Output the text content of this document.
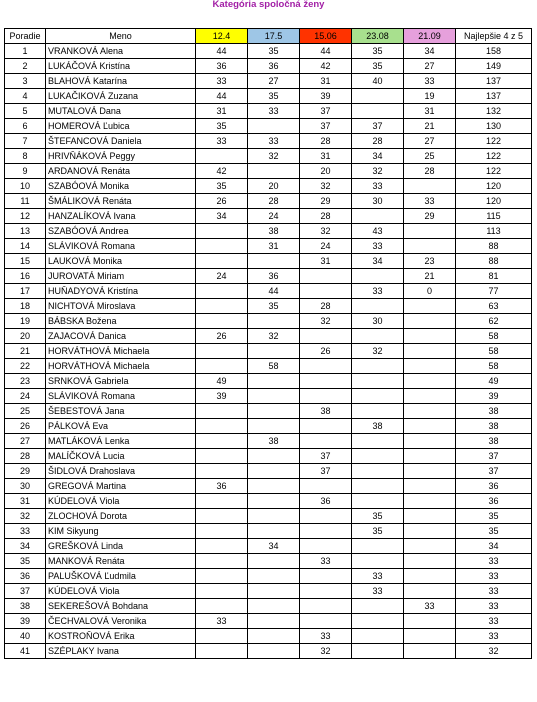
Kategória spoločná ženy
Poradie	Meno	12.4	17.5	15.06	23.08	21.09	Najlepšie 4 z 5
1	VRANKOVÁ Alena	44	35	44	35	34	158
2	LUKÁČOVÁ Kristína	36	36	42	35	27	149
3	BLAHOVÁ Katarína	33	27	31	40	33	137
4	LUKAČIKOVÁ Zuzana	44	35	39		19	137
5	MUTALOVÁ Dana	31	33	37		31	132
6	HOMEROVÁ Ľubica	35		37	37	21	130
7	ŠTEFANCOVÁ Daniela	33	33	28	28	27	122
8	HRIVŇÁKOVÁ Peggy		32	31	34	25	122
9	ARDANOVÁ Renáta	42		20	32	28	122
10	SZABÓOVÁ Monika	35	20	32	33		120
11	ŠMÁLIKOVÁ Renáta	26	28	29	30	33	120
12	HANZALÍKOVÁ Ivana	34	24	28		29	115
13	SZABÓOVÁ Andrea		38	32	43		113
14	SLÁVIKOVÁ Romana		31	24	33		88
15	LAUKOVÁ Monika			31	34	23	88
16	JUROVATÁ Miriam	24	36			21	81
17	HUŇADYOVÁ Kristína		44		33	0	77
18	NICHTOVÁ Miroslava		35	28			63
19	BÁBSKA Božena			32	30		62
20	ZAJACOVÁ Danica	26	32				58
21	HORVÁTHOVÁ Michaela			26	32		58
22	HORVÁTHOVÁ Michaela		58				58
23	SRNKOVÁ Gabriela	49					49
24	SLÁVIKOVÁ Romana	39					39
25	ŠEBESTOVÁ Jana			38			38
26	PÁLKOVÁ Eva				38		38
27	MATLÁKOVÁ Lenka		38				38
28	MALÍČKOVÁ Lucia			37			37
29	ŠIDLOVÁ Drahoslava			37			37
30	GREGOVÁ Martina	36					36
31	KÚDELOVÁ Viola			36			36
32	ZLOCHOVÁ Dorota				35		35
33	KIM Sikyung				35		35
34	GREŠKOVÁ Linda		34				34
35	MANKOVÁ Renáta			33			33
36	PALUŠKOVÁ Ľudmila				33		33
37	KÚDELOVÁ Viola				33		33
38	SEKEREŠOVÁ Bohdana					33	33
39	ČECHVALOVÁ Veronika	33					33
40	KOSTROŇOVÁ Erika			33			33
41	SZÉPLAKY Ivana			32			32
